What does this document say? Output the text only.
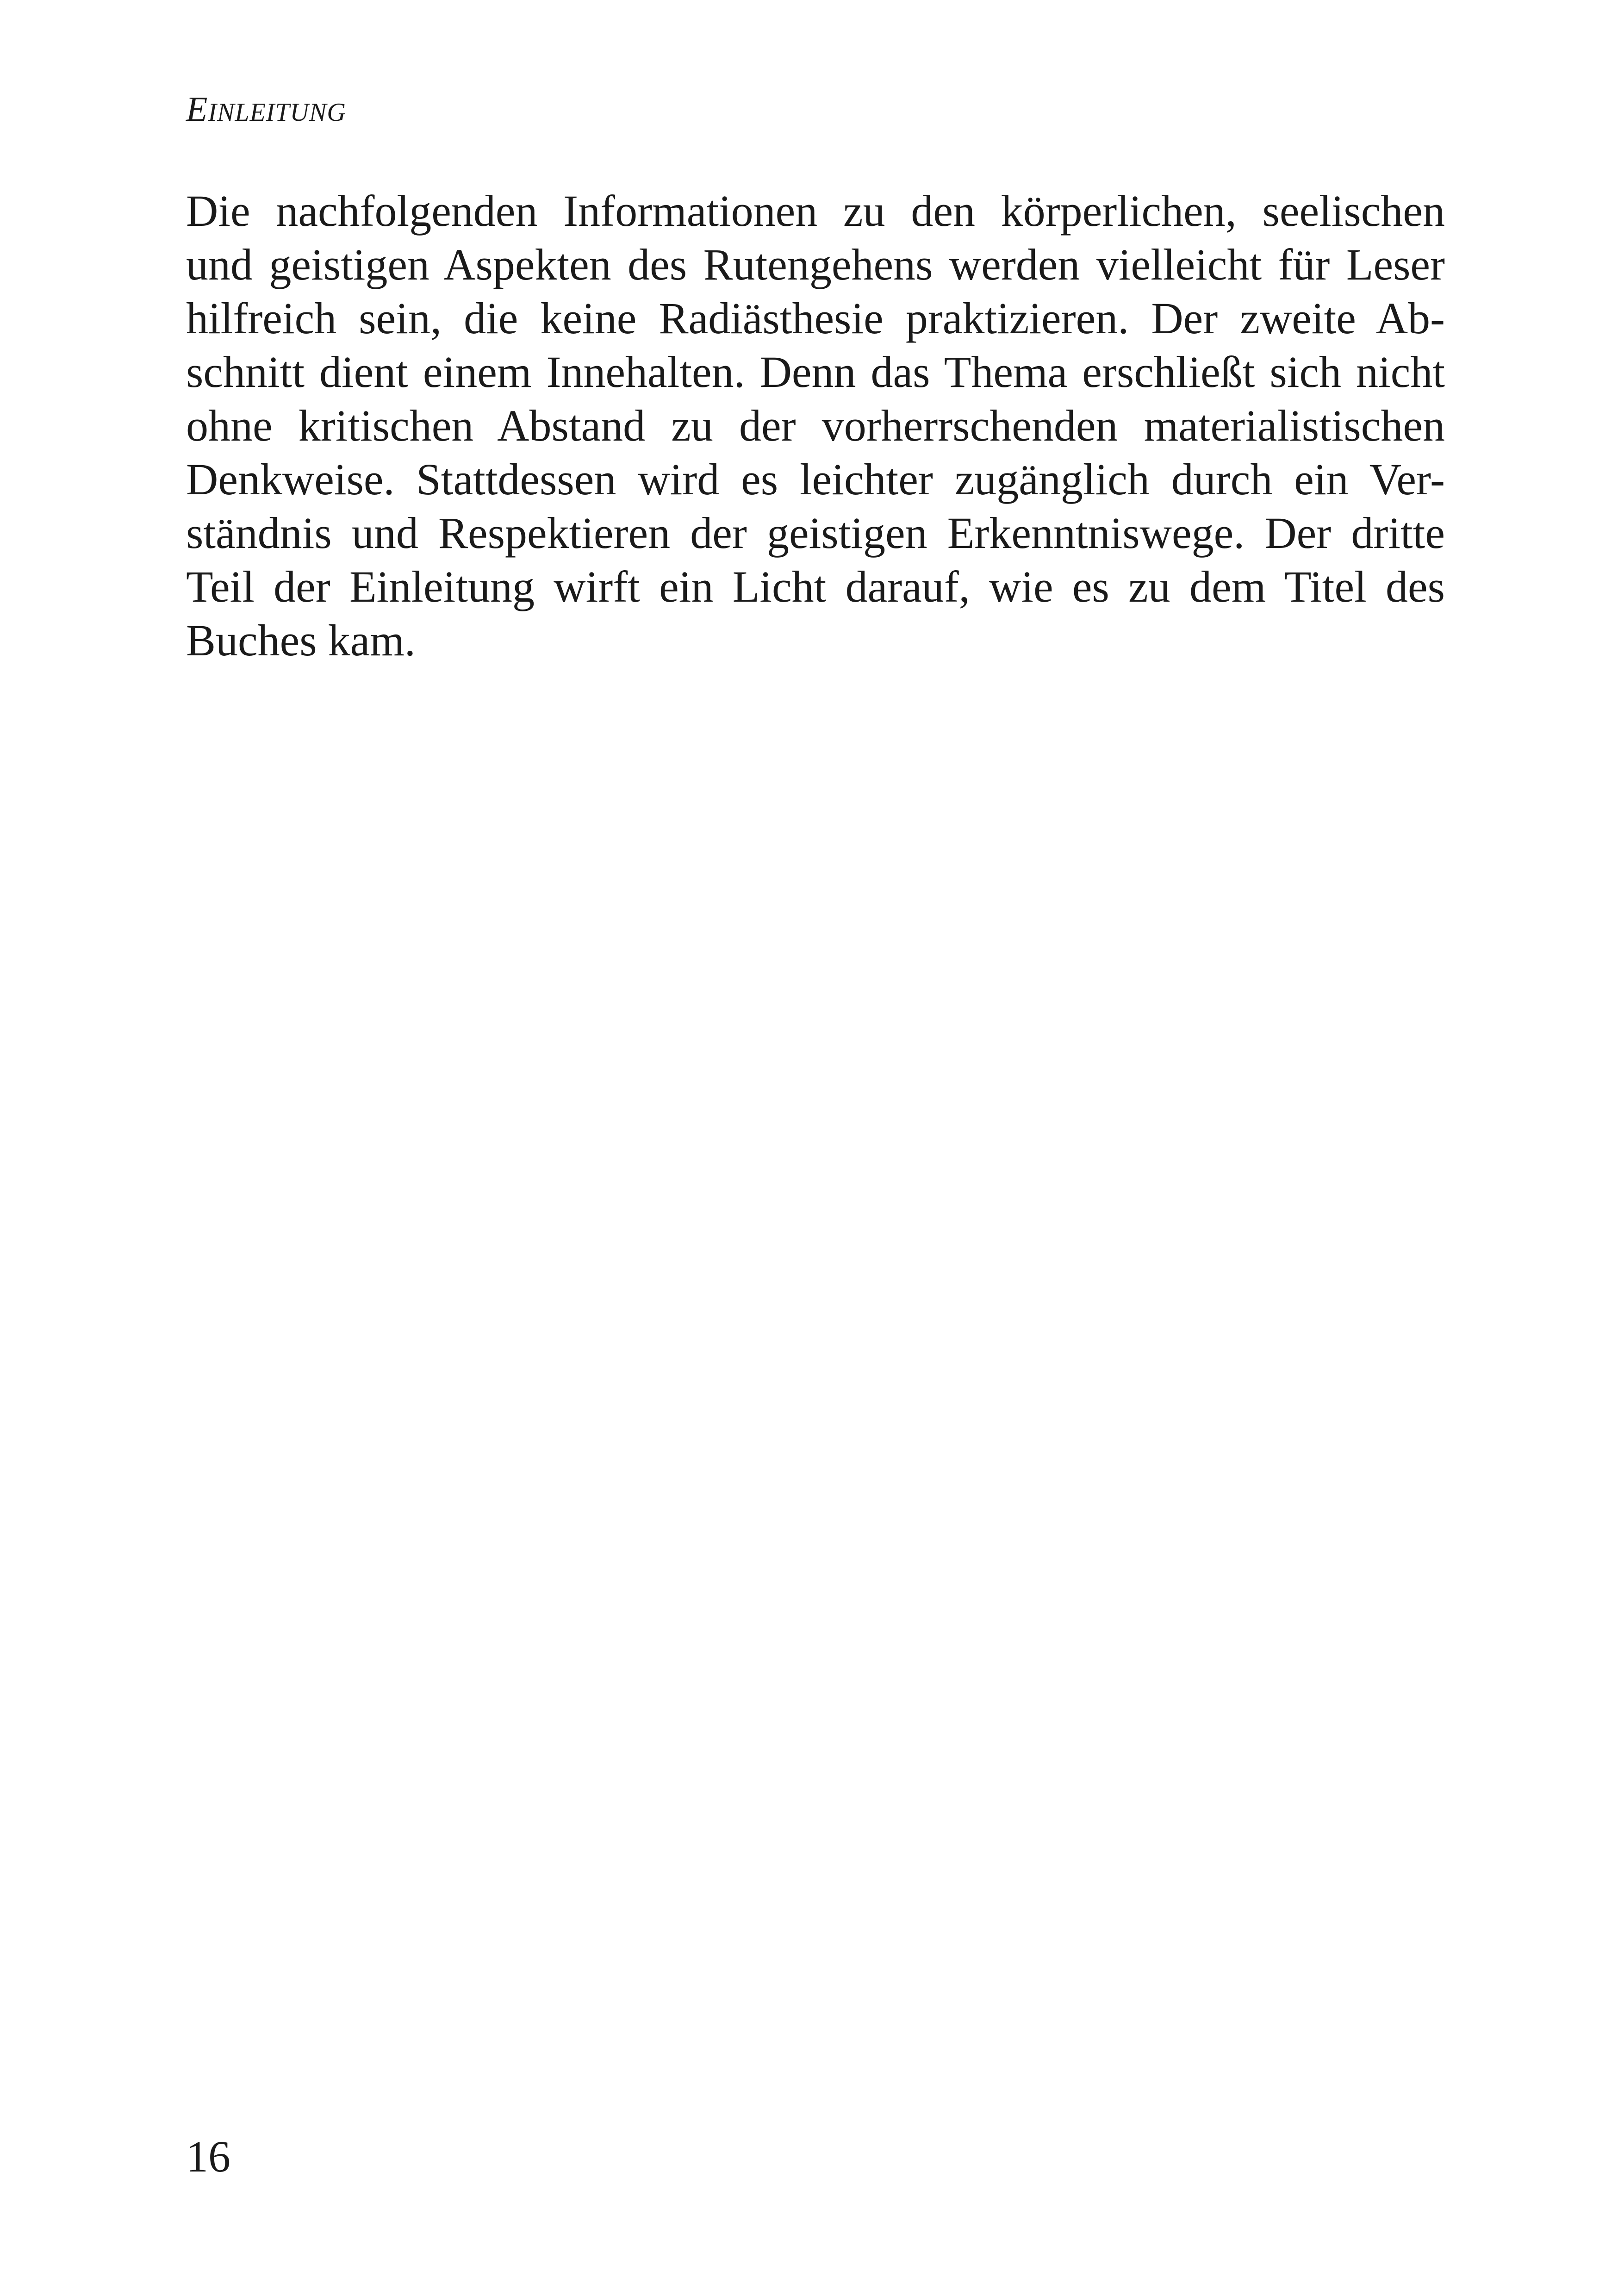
EINLEITUNG

Die nachfolgenden Informationen zu den körperlichen, seelischen
und geistigen Aspekten des Rutengehens werden vielleicht für Leser
hilfreich sein, die keine Radiästhesie praktizieren. Der zweite Ab-
schnitt dient einem Innehalten. Denn das Thema erschließt sich nicht
ohne kritischen Abstand zu der vorherrschenden materialistischen
Denkweise. Stattdessen wird es leichter zugänglich durch ein Ver-
ständnis und Respektieren der geistigen Erkenntniswege. Der dritte
Teil der Einleitung wirft ein Licht darauf, wie es zu dem Titel des
Buches kam.

16
